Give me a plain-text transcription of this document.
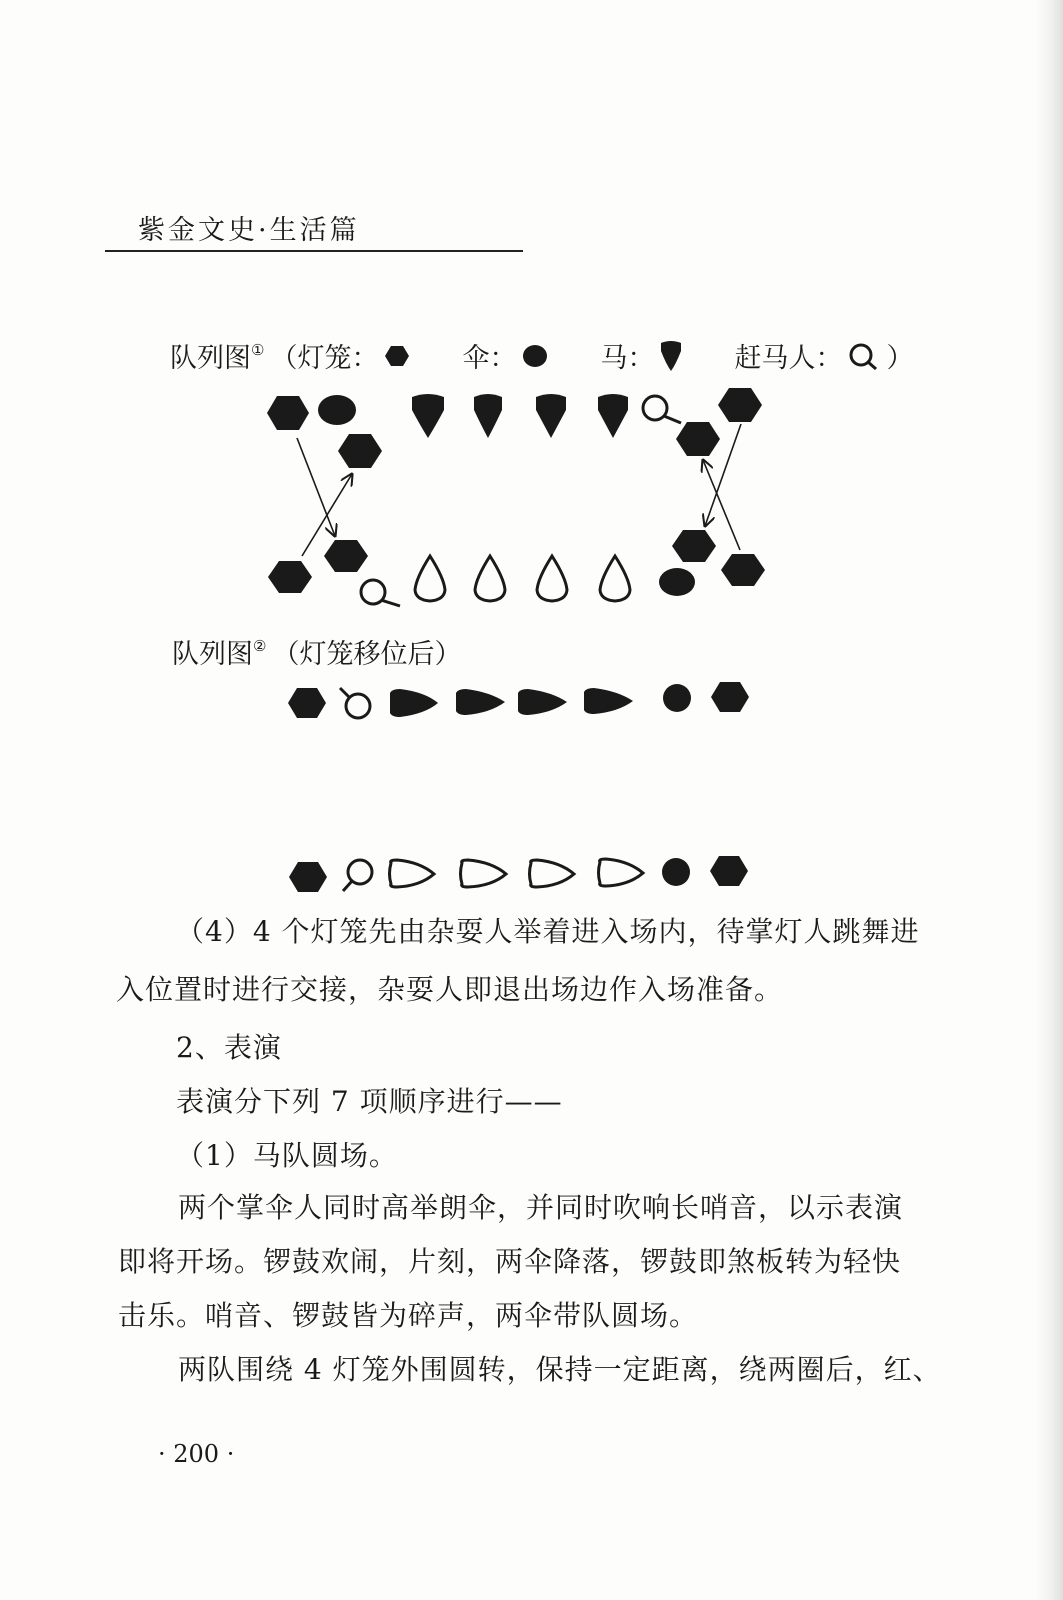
紫金文史·生活篇
队列图① （ 灯笼：	伞：	马：	赶马人： ）
队列图② （灯笼移位后）
（4）4 个灯笼先由杂耍人举着进入场内，待掌灯人跳舞进
入位置时进行交接，杂耍人即退出场边作入场准备。
2、表演
表演分下列 7 项顺序进行——
（1）马队圆场。
两个掌伞人同时高举朗伞，并同时吹响长哨音，以示表演
即将开场。锣鼓欢闹，片刻，两伞降落，锣鼓即煞板转为轻快
击乐。哨音、锣鼓皆为碎声，两伞带队圆场。
两队围绕 4 灯笼外围圆转，保持一定距离，绕两圈后，红、
· 200 ·
